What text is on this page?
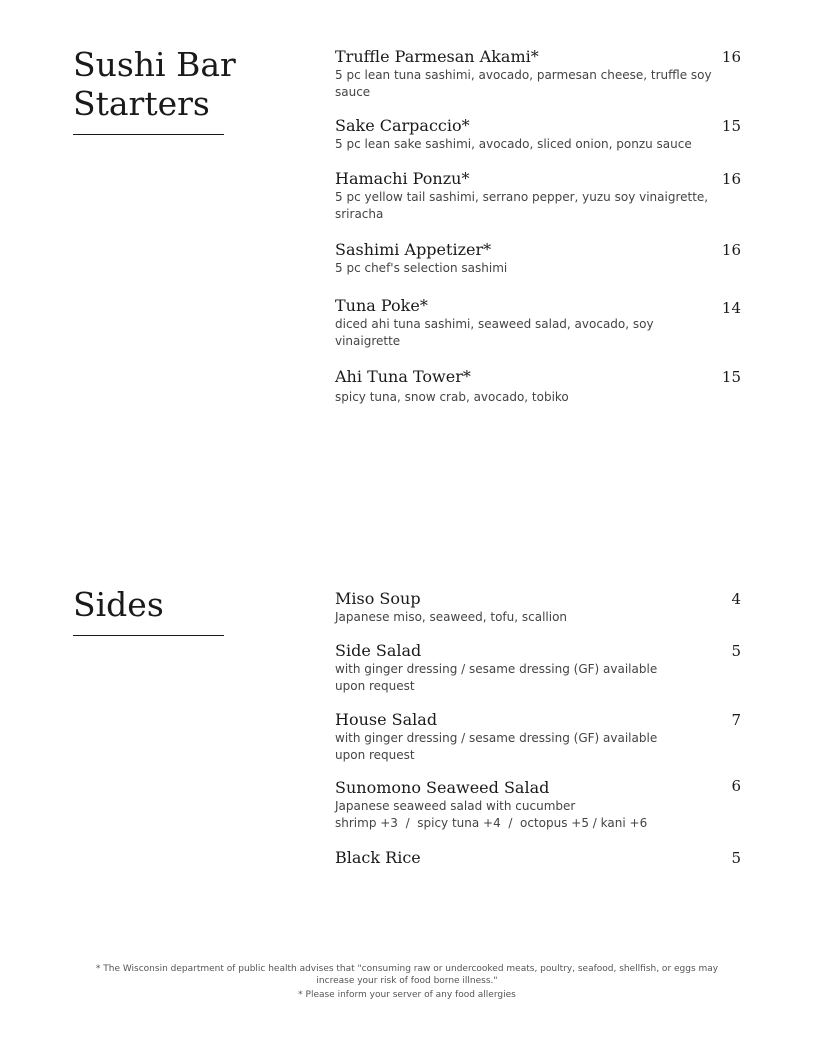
Sushi Bar
Starters
16
Truffle Parmesan Akami*
5 pc lean tuna sashimi, avocado, parmesan cheese, truffle soy
sauce
15
Sake Carpaccio*
5 pc lean sake sashimi, avocado, sliced onion, ponzu sauce
16
Hamachi Ponzu*
5 pc yellow tail sashimi, serrano pepper, yuzu soy vinaigrette,
sriracha
16
Sashimi Appetizer*
5 pc chef's selection sashimi
14
Tuna Poke*
diced ahi tuna sashimi, seaweed salad, avocado, soy
vinaigrette
15
Ahi Tuna Tower*
spicy tuna, snow crab, avocado, tobiko
Sides	4
Miso Soup
Japanese miso, seaweed, tofu, scallion
5
Side Salad
with ginger dressing / sesame dressing (GF) available
upon request
7
House Salad
with ginger dressing / sesame dressing (GF) available
upon request
6
Sunomono Seaweed Salad
Japanese seaweed salad with cucumber
shrimp +3  /  spicy tuna +4  /  octopus +5 / kani +6
5
Black Rice

* The Wisconsin department of public health advises that "consuming raw or undercooked meats, poultry, seafood, shellfish, or eggs may

increase your risk of food borne illness."

* Please inform your server of any food allergies
